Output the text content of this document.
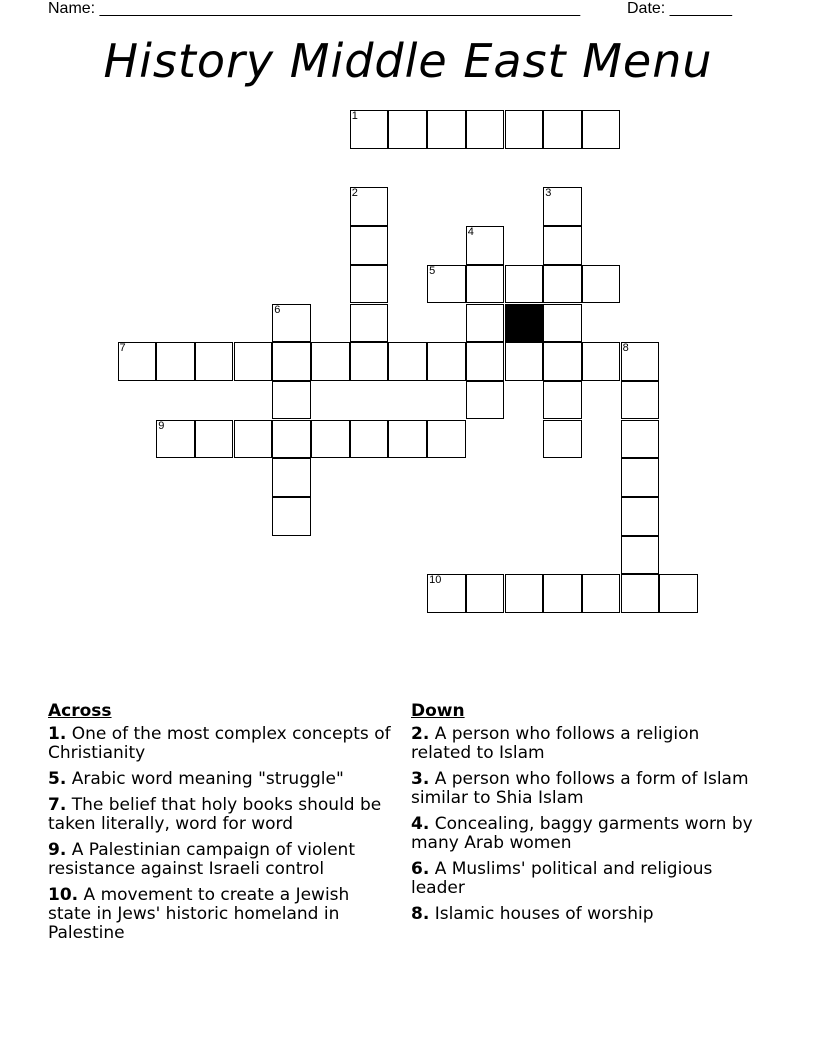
Name: ______________________________________________________	Date: _______
History Middle East Menu
1
2	3
4
5
6
7	8
9
10
Across
1. One of the most complex concepts of Christianity
5. Arabic word meaning "struggle"
7. The belief that holy books should be taken literally, word for word
9. A Palestinian campaign of violent resistance against Israeli control
10. A movement to create a Jewish state in Jews' historic homeland in Palestine
Down
2. A person who follows a religion related to Islam
3. A person who follows a form of Islam similar to Shia Islam
4. Concealing, baggy garments worn by many Arab women
6. A Muslims' political and religious leader
8. Islamic houses of worship
